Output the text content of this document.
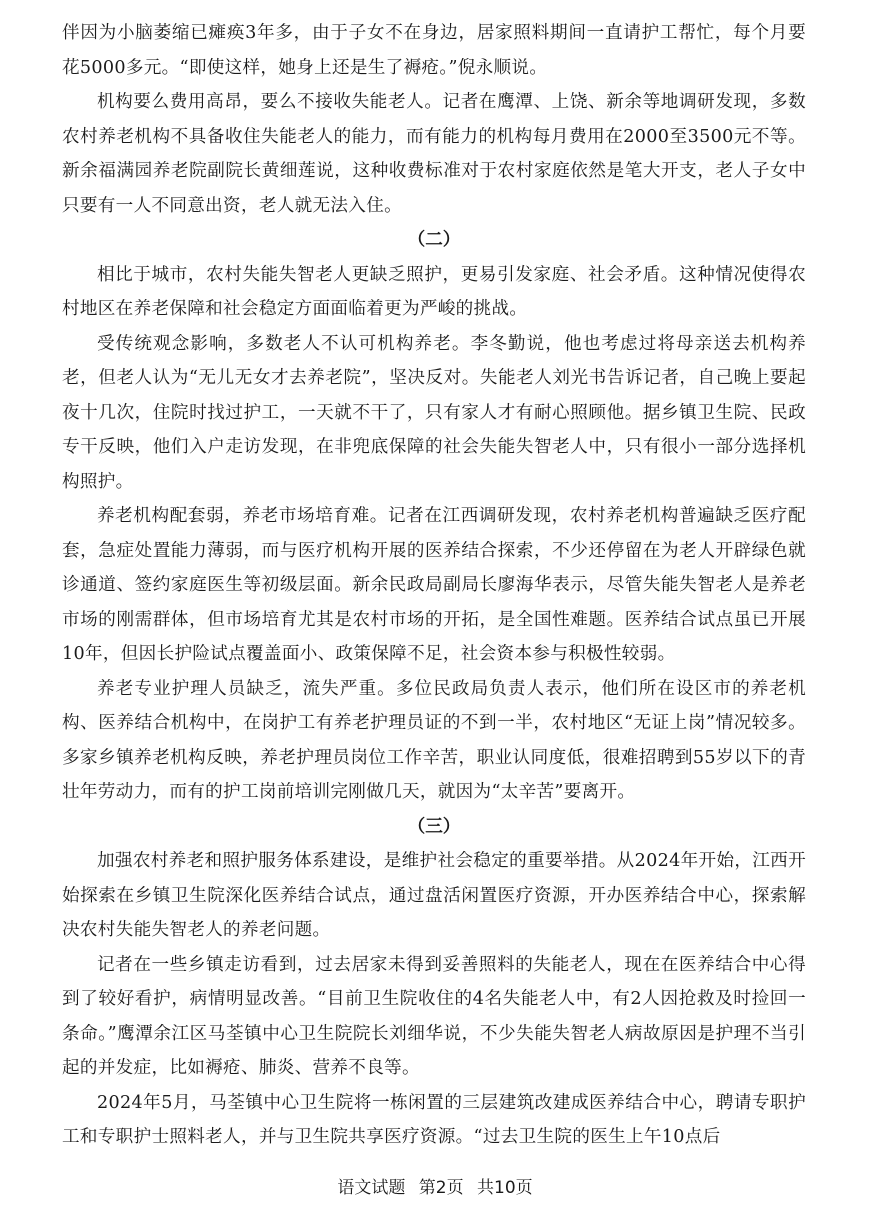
伴因为小脑萎缩已瘫痪3年多，由于子女不在身边，居家照料期间一直请护工帮忙，每个月要花5000多元。“即使这样，她身上还是生了褥疮。”倪永顺说。

机构要么费用高昂，要么不接收失能老人。记者在鹰潭、上饶、新余等地调研发现，多数农村养老机构不具备收住失能老人的能力，而有能力的机构每月费用在2000至3500元不等。新余福满园养老院副院长黄细莲说，这种收费标准对于农村家庭依然是笔大开支，老人子女中只要有一人不同意出资，老人就无法入住。

（二）

相比于城市，农村失能失智老人更缺乏照护，更易引发家庭、社会矛盾。这种情况使得农村地区在养老保障和社会稳定方面面临着更为严峻的挑战。

受传统观念影响，多数老人不认可机构养老。李冬勤说，他也考虑过将母亲送去机构养老，但老人认为“无儿无女才去养老院”，坚决反对。失能老人刘光书告诉记者，自己晚上要起夜十几次，住院时找过护工，一天就不干了，只有家人才有耐心照顾他。据乡镇卫生院、民政专干反映，他们入户走访发现，在非兜底保障的社会失能失智老人中，只有很小一部分选择机构照护。

养老机构配套弱，养老市场培育难。记者在江西调研发现，农村养老机构普遍缺乏医疗配套，急症处置能力薄弱，而与医疗机构开展的医养结合探索，不少还停留在为老人开辟绿色就诊通道、签约家庭医生等初级层面。新余民政局副局长廖海华表示，尽管失能失智老人是养老市场的刚需群体，但市场培育尤其是农村市场的开拓，是全国性难题。医养结合试点虽已开展10年，但因长护险试点覆盖面小、政策保障不足，社会资本参与积极性较弱。

养老专业护理人员缺乏，流失严重。多位民政局负责人表示，他们所在设区市的养老机构、医养结合机构中，在岗护工有养老护理员证的不到一半，农村地区“无证上岗”情况较多。多家乡镇养老机构反映，养老护理员岗位工作辛苦，职业认同度低，很难招聘到55岁以下的青壮年劳动力，而有的护工岗前培训完刚做几天，就因为“太辛苦”要离开。

（三）

加强农村养老和照护服务体系建设，是维护社会稳定的重要举措。从2024年开始，江西开始探索在乡镇卫生院深化医养结合试点，通过盘活闲置医疗资源，开办医养结合中心，探索解决农村失能失智老人的养老问题。

记者在一些乡镇走访看到，过去居家未得到妥善照料的失能老人，现在在医养结合中心得到了较好看护，病情明显改善。“目前卫生院收住的4名失能老人中，有2人因抢救及时捡回一条命。”鹰潭余江区马荃镇中心卫生院院长刘细华说，不少失能失智老人病故原因是护理不当引起的并发症，比如褥疮、肺炎、营养不良等。

2024年5月，马荃镇中心卫生院将一栋闲置的三层建筑改建成医养结合中心，聘请专职护工和专职护士照料老人，并与卫生院共享医疗资源。“过去卫生院的医生上午10点后

语文试题 第2页 共10页
